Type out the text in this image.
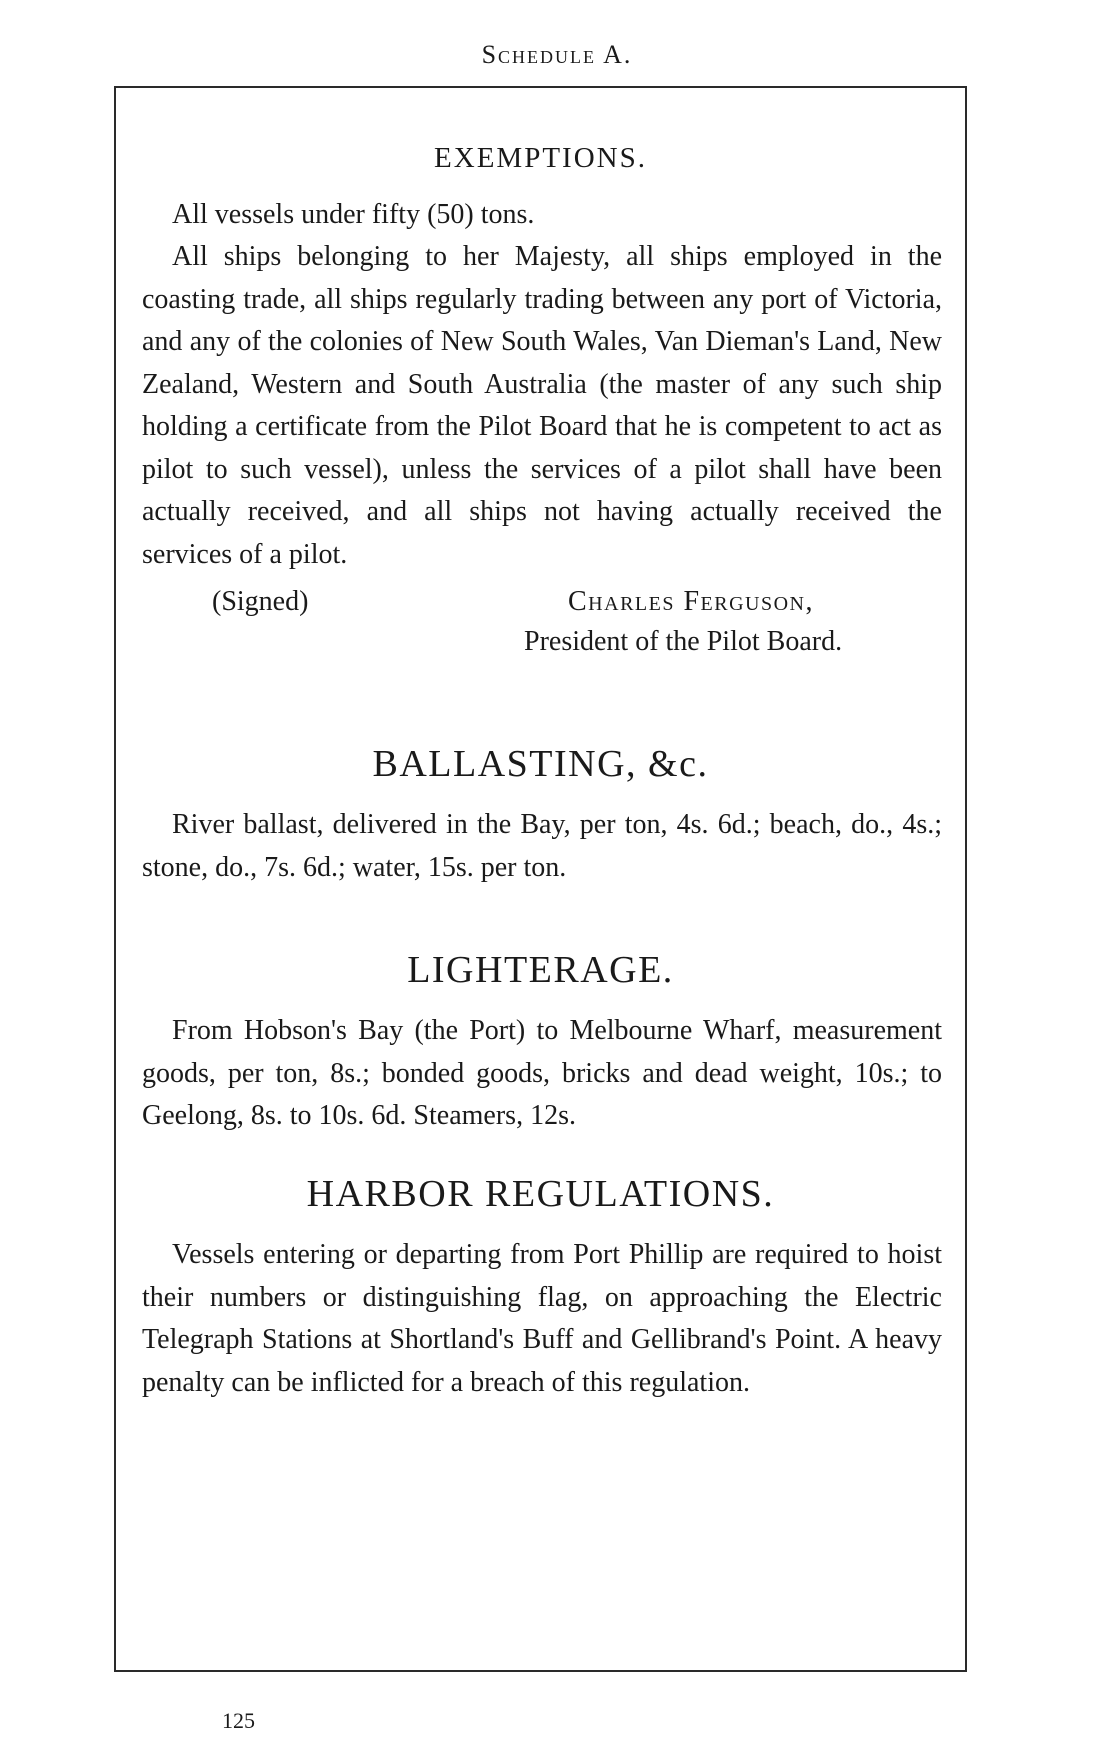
Schedule A.
EXEMPTIONS.
All vessels under fifty (50) tons.
All ships belonging to her Majesty, all ships employed in the coasting trade, all ships regularly trading between any port of Victoria, and any of the colonies of New South Wales, Van Dieman's Land, New Zealand, Western and South Australia (the master of any such ship holding a certificate from the Pilot Board that he is competent to act as pilot to such vessel), unless the services of a pilot shall have been actually received, and all ships not having actually received the services of a pilot.
(Signed)	Charles Ferguson,
President of the Pilot Board.
BALLASTING, &c.
River ballast, delivered in the Bay, per ton, 4s. 6d.; beach, do., 4s.; stone, do., 7s. 6d.; water, 15s. per ton.
LIGHTERAGE.
From Hobson's Bay (the Port) to Melbourne Wharf, measurement goods, per ton, 8s.; bonded goods, bricks and dead weight, 10s.; to Geelong, 8s. to 10s. 6d. Steamers, 12s.
HARBOR REGULATIONS.
Vessels entering or departing from Port Phillip are required to hoist their numbers or distinguishing flag, on approaching the Electric Telegraph Stations at Shortland's Buff and Gellibrand's Point. A heavy penalty can be inflicted for a breach of this regulation.
125
